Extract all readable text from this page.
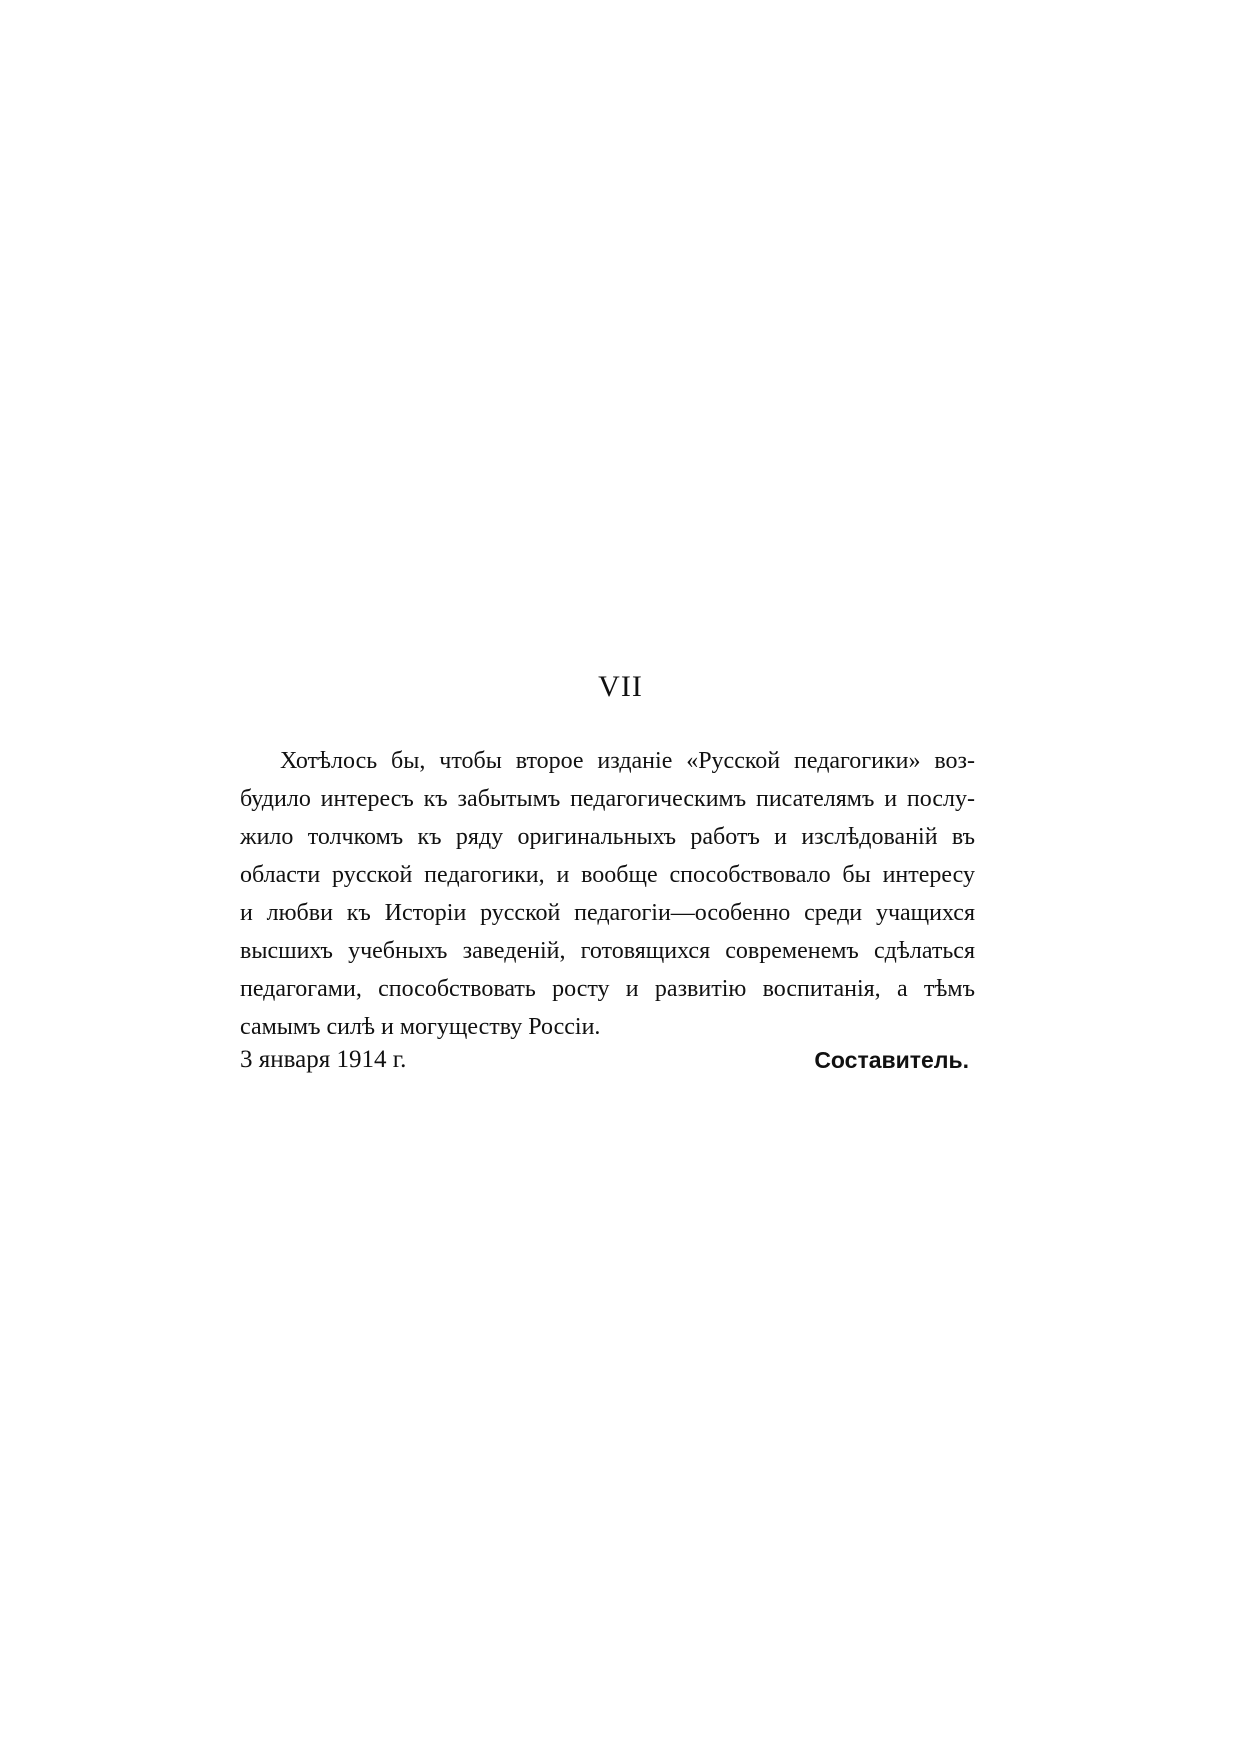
VII
Хотѣлось бы, чтобы второе изданіе «Русской педагогики» воз-
будило интересъ къ забытымъ педагогическимъ писателямъ и послу-
жило толчкомъ къ ряду оригинальныхъ работъ и изслѣдованій въ
области русской педагогики, и вообще способствовало бы интересу
и любви къ Исторіи русской педагогіи—особенно среди учащихся
высшихъ учебныхъ заведеній, готовящихся современемъ сдѣлаться
педагогами, способствовать росту и развитію воспитанія, а тѣмъ
самымъ силѣ и могуществу Россіи.
3 января 1914 г.	Составитель.
